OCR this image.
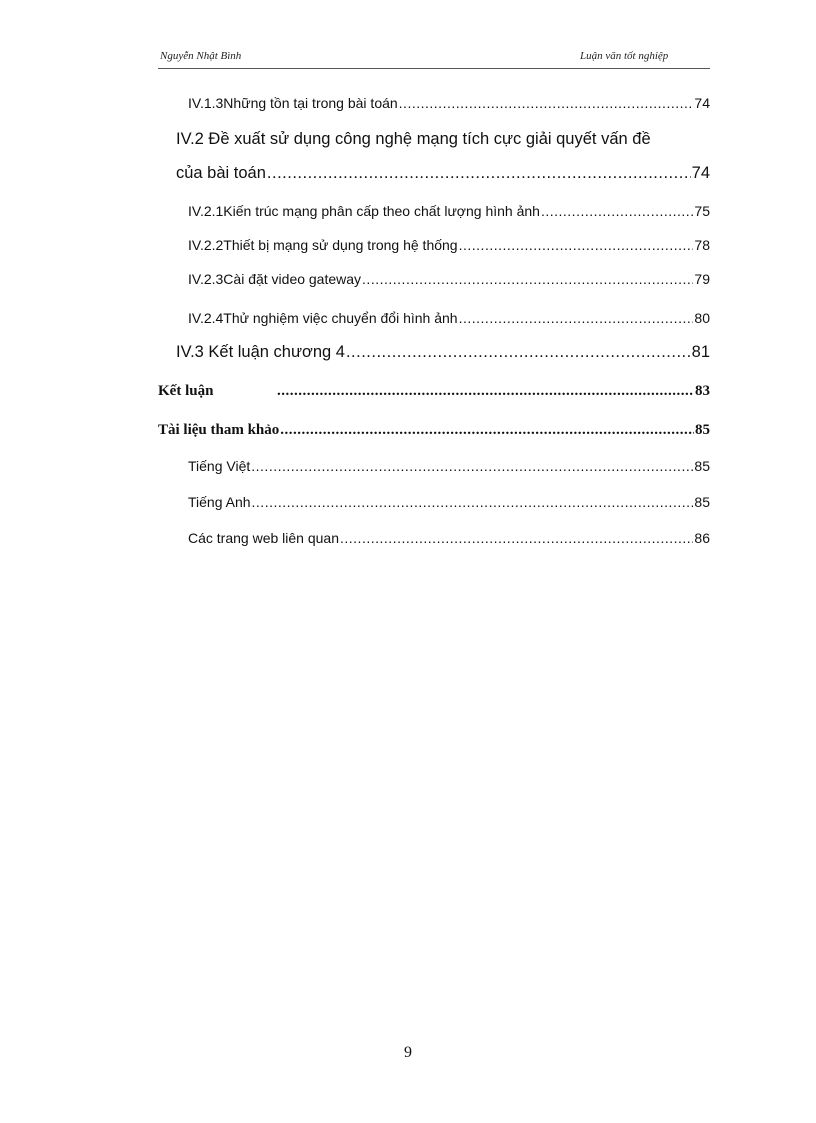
Nguyễn Nhật Bình	Luận văn tốt nghiệp
IV.1.3Những tồn tại trong bài toán .....	74
IV.2 Đề xuất sử dụng công nghệ mạng tích cực giải quyết vấn đề
của bài toán .....	74
IV.2.1Kiến trúc mạng phân cấp theo chất lượng hình ảnh .....	75
IV.2.2Thiết bị mạng sử dụng trong hệ thống .....	78
IV.2.3Cài đặt video gateway .....	79
IV.2.4Thử nghiệm việc chuyển đổi hình ảnh .....	80
IV.3 Kết luận chương 4 .....	81
Kết luận .....	83
Tài liệu tham khảo .....	85
Tiếng Việt .....	85
Tiếng Anh .....	85
Các trang web liên quan .....	86
9
